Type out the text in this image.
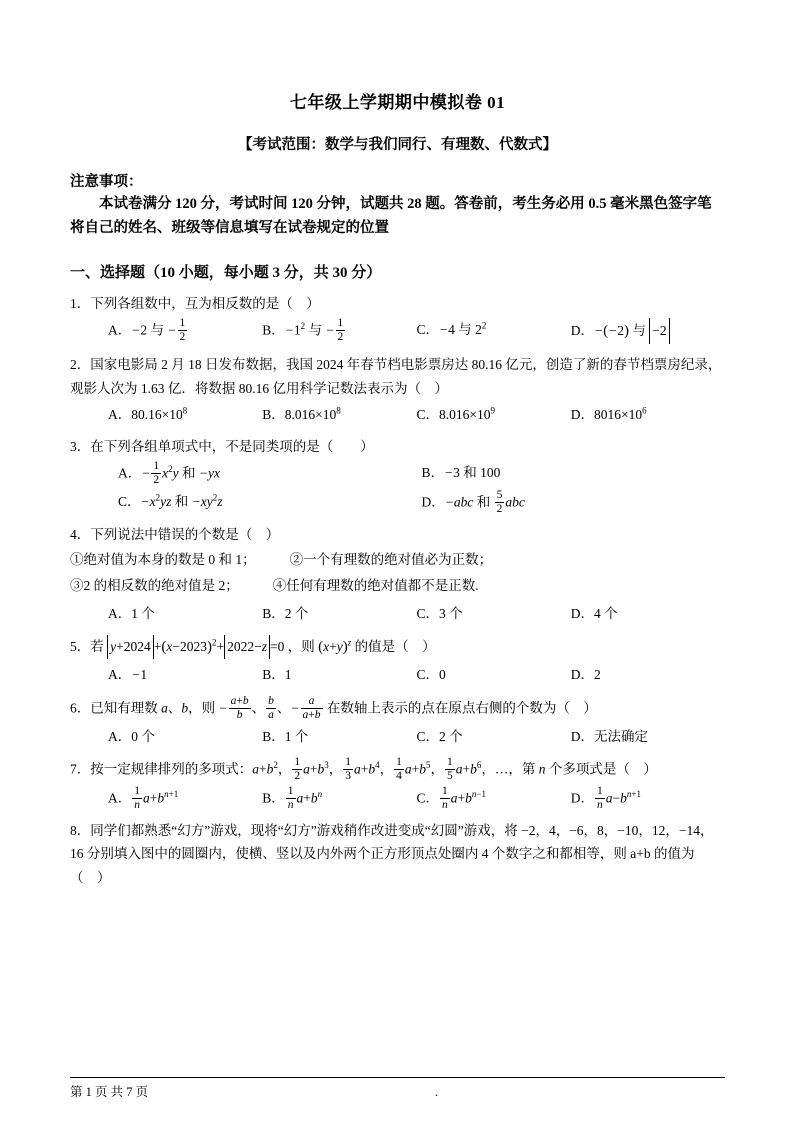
七年级上学期期中模拟卷 01
【考试范围：数学与我们同行、有理数、代数式】
注意事项：
本试卷满分 120 分，考试时间 120 分钟，试题共 28 题。答卷前，考生务必用 0.5 毫米黑色签字笔将自己的姓名、班级等信息填写在试卷规定的位置
一、选择题（10 小题，每小题 3 分，共 30 分）
1．下列各组数中，互为相反数的是（　）
A．−2 与 − $\frac{1}{2}$	B．$-1^2$ 与 − $\frac{1}{2}$	C．−4 与 $2^2$	D．−(−2) 与 −2
2．国家电影局 2 月 18 日发布数据，我国 2024 年春节档电影票房达 80.16 亿元，创造了新的春节档票房纪录，
观影人次为 1.63 亿．将数据 80.16 亿用科学记数法表示为（　）
A．$80.16\times 10^8$	B．$8.016\times 10^8$	C．$8.016\times 10^9$	D．$8016\times 10^6$
3．在下列各组单项式中，不是同类项的是（　　）
A．− $\frac{1}{2} x^2y$ 和 −yx	B．−3 和 100
C．$-x^2yz$ 和 $-xy^2z$	D．−abc 和 $\frac{5}{2}$ abc
4．下列说法中错误的个数是（　）
①绝对值为本身的数是 0 和 1；	②一个有理数的绝对值必为正数；
③2 的相反数的绝对值是 2；	④任何有理数的绝对值都不是正数.
A．1 个	B．2 个	C．3 个	D．4 个
5．若 $y+2024 +(x-2023)^2+ 2022-z =0$ ，则 $(x+y)^z$ 的值是（　）
A．−1	B．1	C．0	D．2
6．已知有理数 a、b，则 − $\frac{a+b}{b}$ 、 $\frac{b}{a}$ 、− $\frac{a}{a+b}$ 在数轴上表示的点在原点右侧的个数为（　）
A．0 个	B．1 个	C．2 个	D．无法确定
7．按一定规律排列的多项式：$a+b^2$， $\frac{1}{2} a+b^3$， $\frac{1}{3} a+b^4$， $\frac{1}{4} a+b^5$， $\frac{1}{5} a+b^6$，…，第 n 个多项式是（　）
A． $\frac{1}{n} a+b^{n+1}$	B． $\frac{1}{n} a+b^n$	C． $\frac{1}{n} a+b^{n-1}$	D． $\frac{1}{n} a-b^{n+1}$
8．同学们都熟悉“幻方”游戏，现将“幻方”游戏稍作改进变成“幻圆”游戏，将 −2，4，−6，8，−10，12，−14，
16 分别填入图中的圆圈内，使横、竖以及内外两个正方形顶点处圈内 4 个数字之和都相等，则 a+b 的值为
（　）
第 1 页 共 7 页	.
